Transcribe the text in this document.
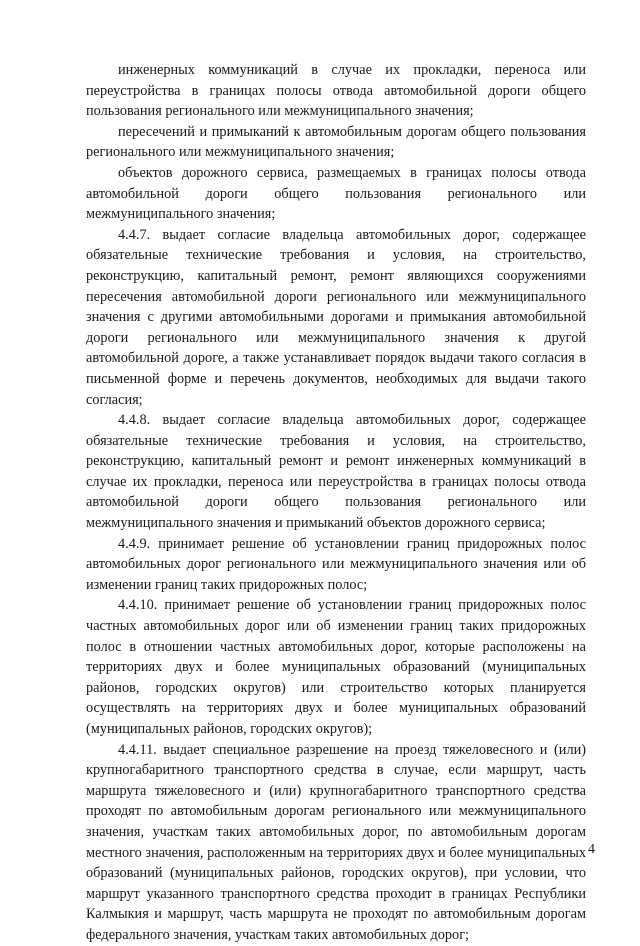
инженерных коммуникаций в случае их прокладки, переноса или переустройства в границах полосы отвода автомобильной дороги общего пользования регионального или межмуниципального значения;

пересечений и примыканий к автомобильным дорогам общего пользования регионального или межмуниципального значения;

объектов дорожного сервиса, размещаемых в границах полосы отвода автомобильной дороги общего пользования регионального или межмуниципального значения;

4.4.7. выдает согласие владельца автомобильных дорог, содержащее обязательные технические требования и условия, на строительство, реконструкцию, капитальный ремонт, ремонт являющихся сооружениями пересечения автомобильной дороги регионального или межмуниципального значения с другими автомобильными дорогами и примыкания автомобильной дороги регионального или межмуниципального значения к другой автомобильной дороге, а также устанавливает порядок выдачи такого согласия в письменной форме и перечень документов, необходимых для выдачи такого согласия;

4.4.8. выдает согласие владельца автомобильных дорог, содержащее обязательные технические требования и условия, на строительство, реконструкцию, капитальный ремонт и ремонт инженерных коммуникаций в случае их прокладки, переноса или переустройства в границах полосы отвода автомобильной дороги общего пользования регионального или межмуниципального значения и примыканий объектов дорожного сервиса;

4.4.9. принимает решение об установлении границ придорожных полос автомобильных дорог регионального или межмуниципального значения или об изменении границ таких придорожных полос;

4.4.10. принимает решение об установлении границ придорожных полос частных автомобильных дорог или об изменении границ таких придорожных полос в отношении частных автомобильных дорог, которые расположены на территориях двух и более муниципальных образований (муниципальных районов, городских округов) или строительство которых планируется осуществлять на территориях двух и более муниципальных образований (муниципальных районов, городских округов);

4.4.11. выдает специальное разрешение на проезд тяжеловесного и (или) крупногабаритного транспортного средства в случае, если маршрут, часть маршрута тяжеловесного и (или) крупногабаритного транспортного средства проходят по автомобильным дорогам регионального или межмуниципального значения, участкам таких автомобильных дорог, по автомобильным дорогам местного значения, расположенным на территориях двух и более муниципальных образований (муниципальных районов, городских округов), при условии, что маршрут указанного транспортного средства проходит в границах Республики Калмыкия и маршрут, часть маршрута не проходят по автомобильным дорогам федерального значения, участкам таких автомобильных дорог;

4
